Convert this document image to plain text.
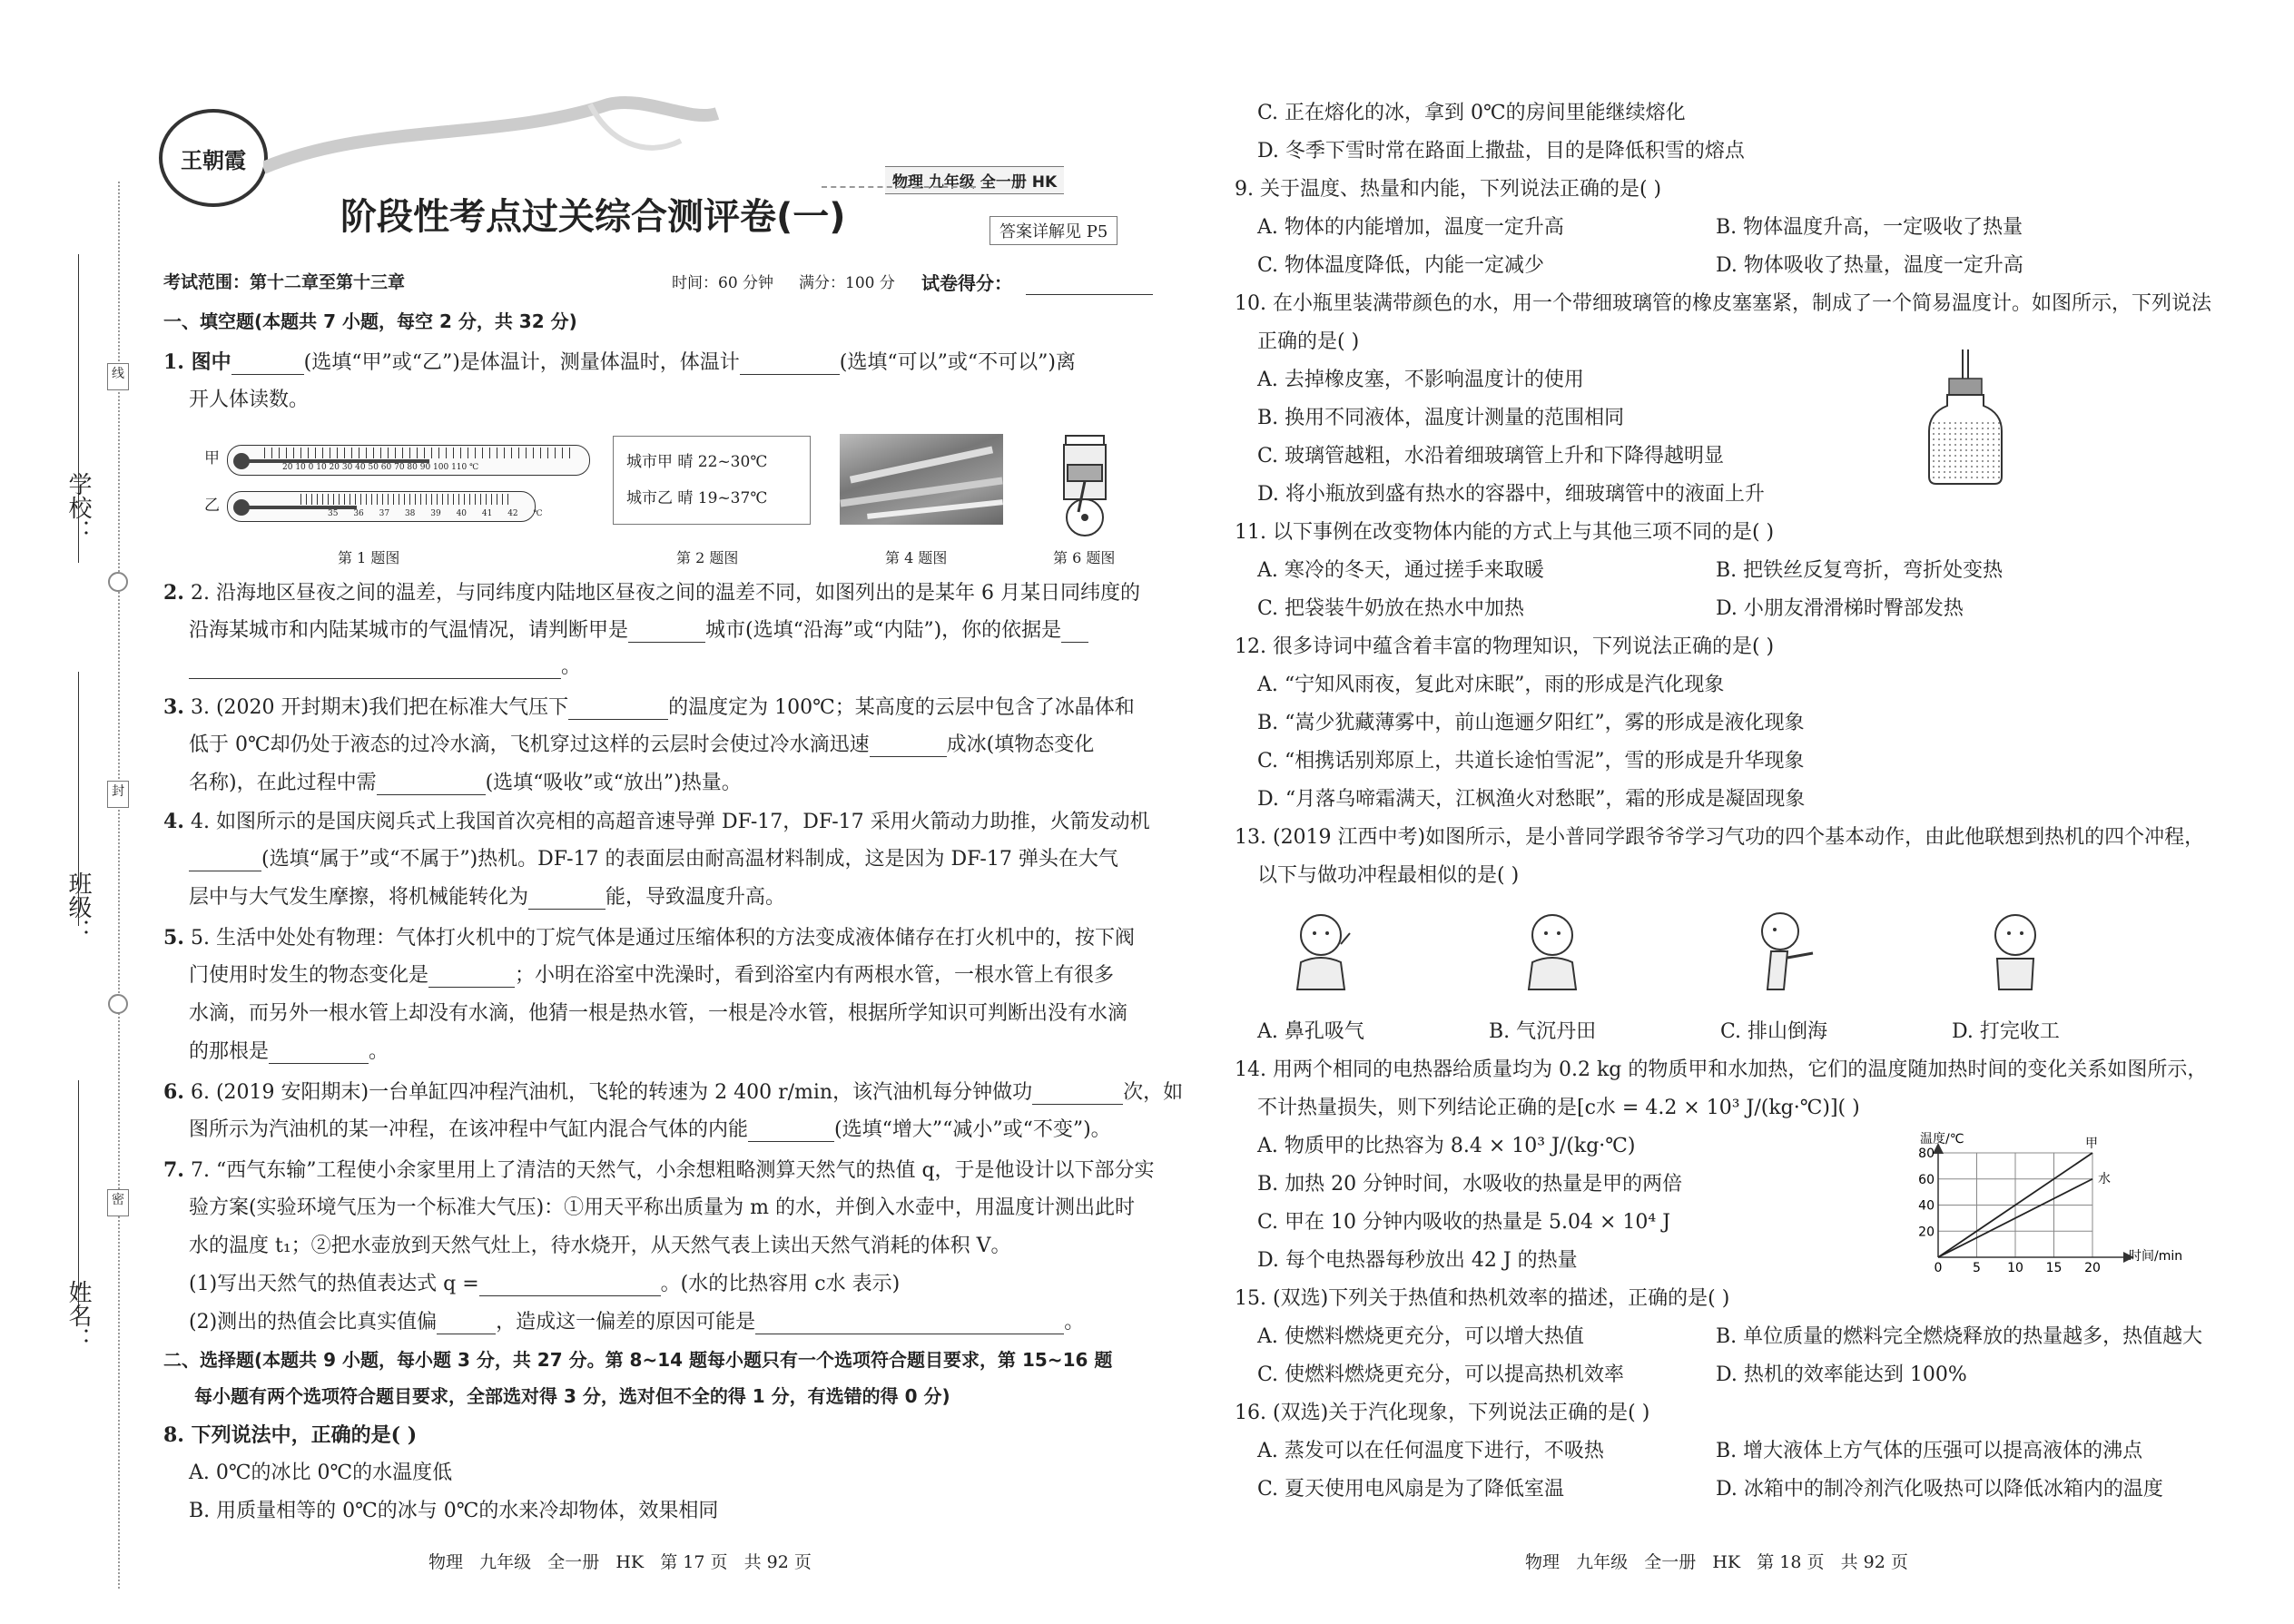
学校：
班级：
姓名：
线
封
密
王朝霞
阶段性考点过关综合测评卷(一)
物理 九年级 全一册 HK
答案详解见 P5
考试范围：第十二章至第十三章	时间：60 分钟 满分：100 分 试卷得分：
一、填空题(本题共 7 小题，每空 2 分，共 32 分)
1. 图中	(选填“甲”或“乙”)是体温计，测量体温时，体温计	(选填“可以”或“不可以”)离
开人体读数。
甲	20 10 0 10 20 30 40 50 60 70 80 90 100 110 ℃
乙	35 36 37 38 39 40 41 42 ℃
城市甲 晴 22~30℃
城市乙 晴 19~37℃
第 1 题图	第 2 题图	第 4 题图	第 6 题图
2. 2. 沿海地区昼夜之间的温差，与同纬度内陆地区昼夜之间的温差不同，如图列出的是某年 6 月某日同纬度的
沿海某城市和内陆某城市的气温情况，请判断甲是	城市(选填“沿海”或“内陆”)，你的依据是
。
3. 3. (2020 开封期末)我们把在标准大气压下	的温度定为 100℃；某高度的云层中包含了冰晶体和
低于 0℃却仍处于液态的过冷水滴，飞机穿过这样的云层时会使过冷水滴迅速	成冰(填物态变化
名称)，在此过程中需	(选填“吸收”或“放出”)热量。
4. 4. 如图所示的是国庆阅兵式上我国首次亮相的高超音速导弹 DF-17，DF-17 采用火箭动力助推，火箭发动机
(选填“属于”或“不属于”)热机。DF-17 的表面层由耐高温材料制成，这是因为 DF-17 弹头在大气
层中与大气发生摩擦，将机械能转化为	能，导致温度升高。
5. 5. 生活中处处有物理：气体打火机中的丁烷气体是通过压缩体积的方法变成液体储存在打火机中的，按下阀
门使用时发生的物态变化是	；小明在浴室中洗澡时，看到浴室内有两根水管，一根水管上有很多
水滴，而另外一根水管上却没有水滴，他猜一根是热水管，一根是冷水管，根据所学知识可判断出没有水滴
的那根是	。
6. 6. (2019 安阳期末)一台单缸四冲程汽油机，飞轮的转速为 2 400 r/min，该汽油机每分钟做功	次，如
图所示为汽油机的某一冲程，在该冲程中气缸内混合气体的内能	(选填“增大”“减小”或“不变”)。
7. 7. “西气东输”工程使小余家里用上了清洁的天然气，小余想粗略测算天然气的热值 q，于是他设计以下部分实
验方案(实验环境气压为一个标准大气压)：①用天平称出质量为 m 的水，并倒入水壶中，用温度计测出此时
水的温度 t₁；②把水壶放到天然气灶上，待水烧开，从天然气表上读出天然气消耗的体积 V。
(1)写出天然气的热值表达式 q =	。(水的比热容用 c水 表示)
(2)测出的热值会比真实值偏	，造成这一偏差的原因可能是	。
二、选择题(本题共 9 小题，每小题 3 分，共 27 分。第 8~14 题每小题只有一个选项符合题目要求，第 15~16 题
每小题有两个选项符合题目要求，全部选对得 3 分，选对但不全的得 1 分，有选错的得 0 分)
8. 下列说法中，正确的是( )
A. 0℃的冰比 0℃的水温度低
B. 用质量相等的 0℃的冰与 0℃的水来冷却物体，效果相同
物理   九年级   全一册   HK   第 17 页   共 92 页
C. 正在熔化的冰，拿到 0℃的房间里能继续熔化
D. 冬季下雪时常在路面上撒盐，目的是降低积雪的熔点
9. 关于温度、热量和内能，下列说法正确的是( )
A. 物体的内能增加，温度一定升高	B. 物体温度升高，一定吸收了热量
C. 物体温度降低，内能一定减少	D. 物体吸收了热量，温度一定升高
10. 在小瓶里装满带颜色的水，用一个带细玻璃管的橡皮塞塞紧，制成了一个简易温度计。如图所示，下列说法
正确的是( )
A. 去掉橡皮塞，不影响温度计的使用
B. 换用不同液体，温度计测量的范围相同
C. 玻璃管越粗，水沿着细玻璃管上升和下降得越明显
D. 将小瓶放到盛有热水的容器中，细玻璃管中的液面上升
11. 以下事例在改变物体内能的方式上与其他三项不同的是( )
A. 寒冷的冬天，通过搓手来取暖	B. 把铁丝反复弯折，弯折处变热
C. 把袋装牛奶放在热水中加热	D. 小朋友滑滑梯时臀部发热
12. 很多诗词中蕴含着丰富的物理知识，下列说法正确的是( )
A. “宁知风雨夜，复此对床眠”，雨的形成是汽化现象
B. “嵩少犹藏薄雾中，前山迤逦夕阳红”，雾的形成是液化现象
C. “相携话别郑原上，共道长途怕雪泥”，雪的形成是升华现象
D. “月落乌啼霜满天，江枫渔火对愁眠”，霜的形成是凝固现象
13. (2019 江西中考)如图所示，是小普同学跟爷爷学习气功的四个基本动作，由此他联想到热机的四个冲程，
以下与做功冲程最相似的是( )
A. 鼻孔吸气	B. 气沉丹田	C. 排山倒海	D. 打完收工
14. 用两个相同的电热器给质量均为 0.2 kg 的物质甲和水加热，它们的温度随加热时间的变化关系如图所示，
不计热量损失，则下列结论正确的是[c水 = 4.2 × 10³ J/(kg·℃)]( )
A. 物质甲的比热容为 8.4 × 10³ J/(kg·℃)
B. 加热 20 分钟时间，水吸收的热量是甲的两倍
C. 甲在 10 分钟内吸收的热量是 5.04 × 10⁴ J
D. 每个电热器每秒放出 42 J 的热量
温度/℃
时间/min
0 5 10 15 20
20
40
60
80
甲
水
15. (双选)下列关于热值和热机效率的描述，正确的是( )
A. 使燃料燃烧更充分，可以增大热值	B. 单位质量的燃料完全燃烧释放的热量越多，热值越大
C. 使燃料燃烧更充分，可以提高热机效率	D. 热机的效率能达到 100%
16. (双选)关于汽化现象，下列说法正确的是( )
A. 蒸发可以在任何温度下进行，不吸热	B. 增大液体上方气体的压强可以提高液体的沸点
C. 夏天使用电风扇是为了降低室温	D. 冰箱中的制冷剂汽化吸热可以降低冰箱内的温度
物理   九年级   全一册   HK   第 18 页   共 92 页
